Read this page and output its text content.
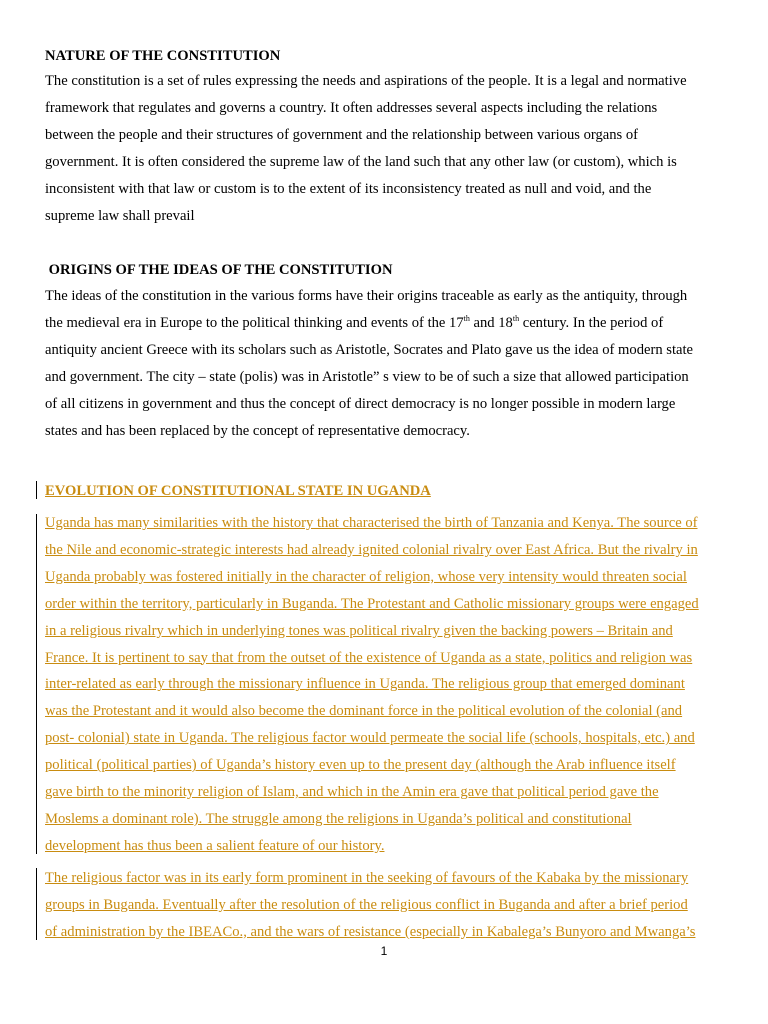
NATURE OF THE CONSTITUTION
The constitution is a set of rules expressing the needs and aspirations of the people. It is a legal and normative
framework that regulates and governs a country. It often addresses several aspects including the relations
between the people and their structures of government and the relationship between various organs of
government. It is often considered the supreme law of the land such that any other law (or custom), which is
inconsistent with that law or custom is to the extent of its inconsistency treated as null and void, and the
supreme law shall prevail
ORIGINS OF THE IDEAS OF THE CONSTITUTION
The ideas of the constitution in the various forms have their origins traceable as early as the antiquity, through
the medieval era in Europe to the political thinking and events of the 17th and 18th century. In the period of
antiquity ancient Greece with its scholars such as Aristotle, Socrates and Plato gave us the idea of modern state
and government. The city – state (polis) was in Aristotle” s view to be of such a size that allowed participation
of all citizens in government and thus the concept of direct democracy is no longer possible in modern large
states and has been replaced by the concept of representative democracy.
EVOLUTION OF CONSTITUTIONAL STATE IN UGANDA
Uganda has many similarities with the history that characterised the birth of Tanzania and Kenya. The source of
the Nile and economic-strategic interests had already ignited colonial rivalry over East Africa. But the rivalry in
Uganda probably was fostered initially in the character of religion, whose very intensity would threaten social
order within the territory, particularly in Buganda. The Protestant and Catholic missionary groups were engaged
in a religious rivalry which in underlying tones was political rivalry given the backing powers – Britain and
France. It is pertinent to say that from the outset of the existence of Uganda as a state, politics and religion was
inter-related as early through the missionary influence in Uganda. The religious group that emerged dominant
was the Protestant and it would also become the dominant force in the political evolution of the colonial (and
post- colonial) state in Uganda. The religious factor would permeate the social life (schools, hospitals, etc.) and
political (political parties) of Uganda’s history even up to the present day (although the Arab influence itself
gave birth to the minority religion of Islam, and which in the Amin era gave that political period gave the
Moslems a dominant role). The struggle among the religions in Uganda’s political and constitutional
development has thus been a salient feature of our history.
The religious factor was in its early form prominent in the seeking of favours of the Kabaka by the missionary
groups in Buganda. Eventually after the resolution of the religious conflict in Buganda and after a brief period
of administration by the IBEACo., and the wars of resistance (especially in Kabalega’s Bunyoro and Mwanga’s
1
